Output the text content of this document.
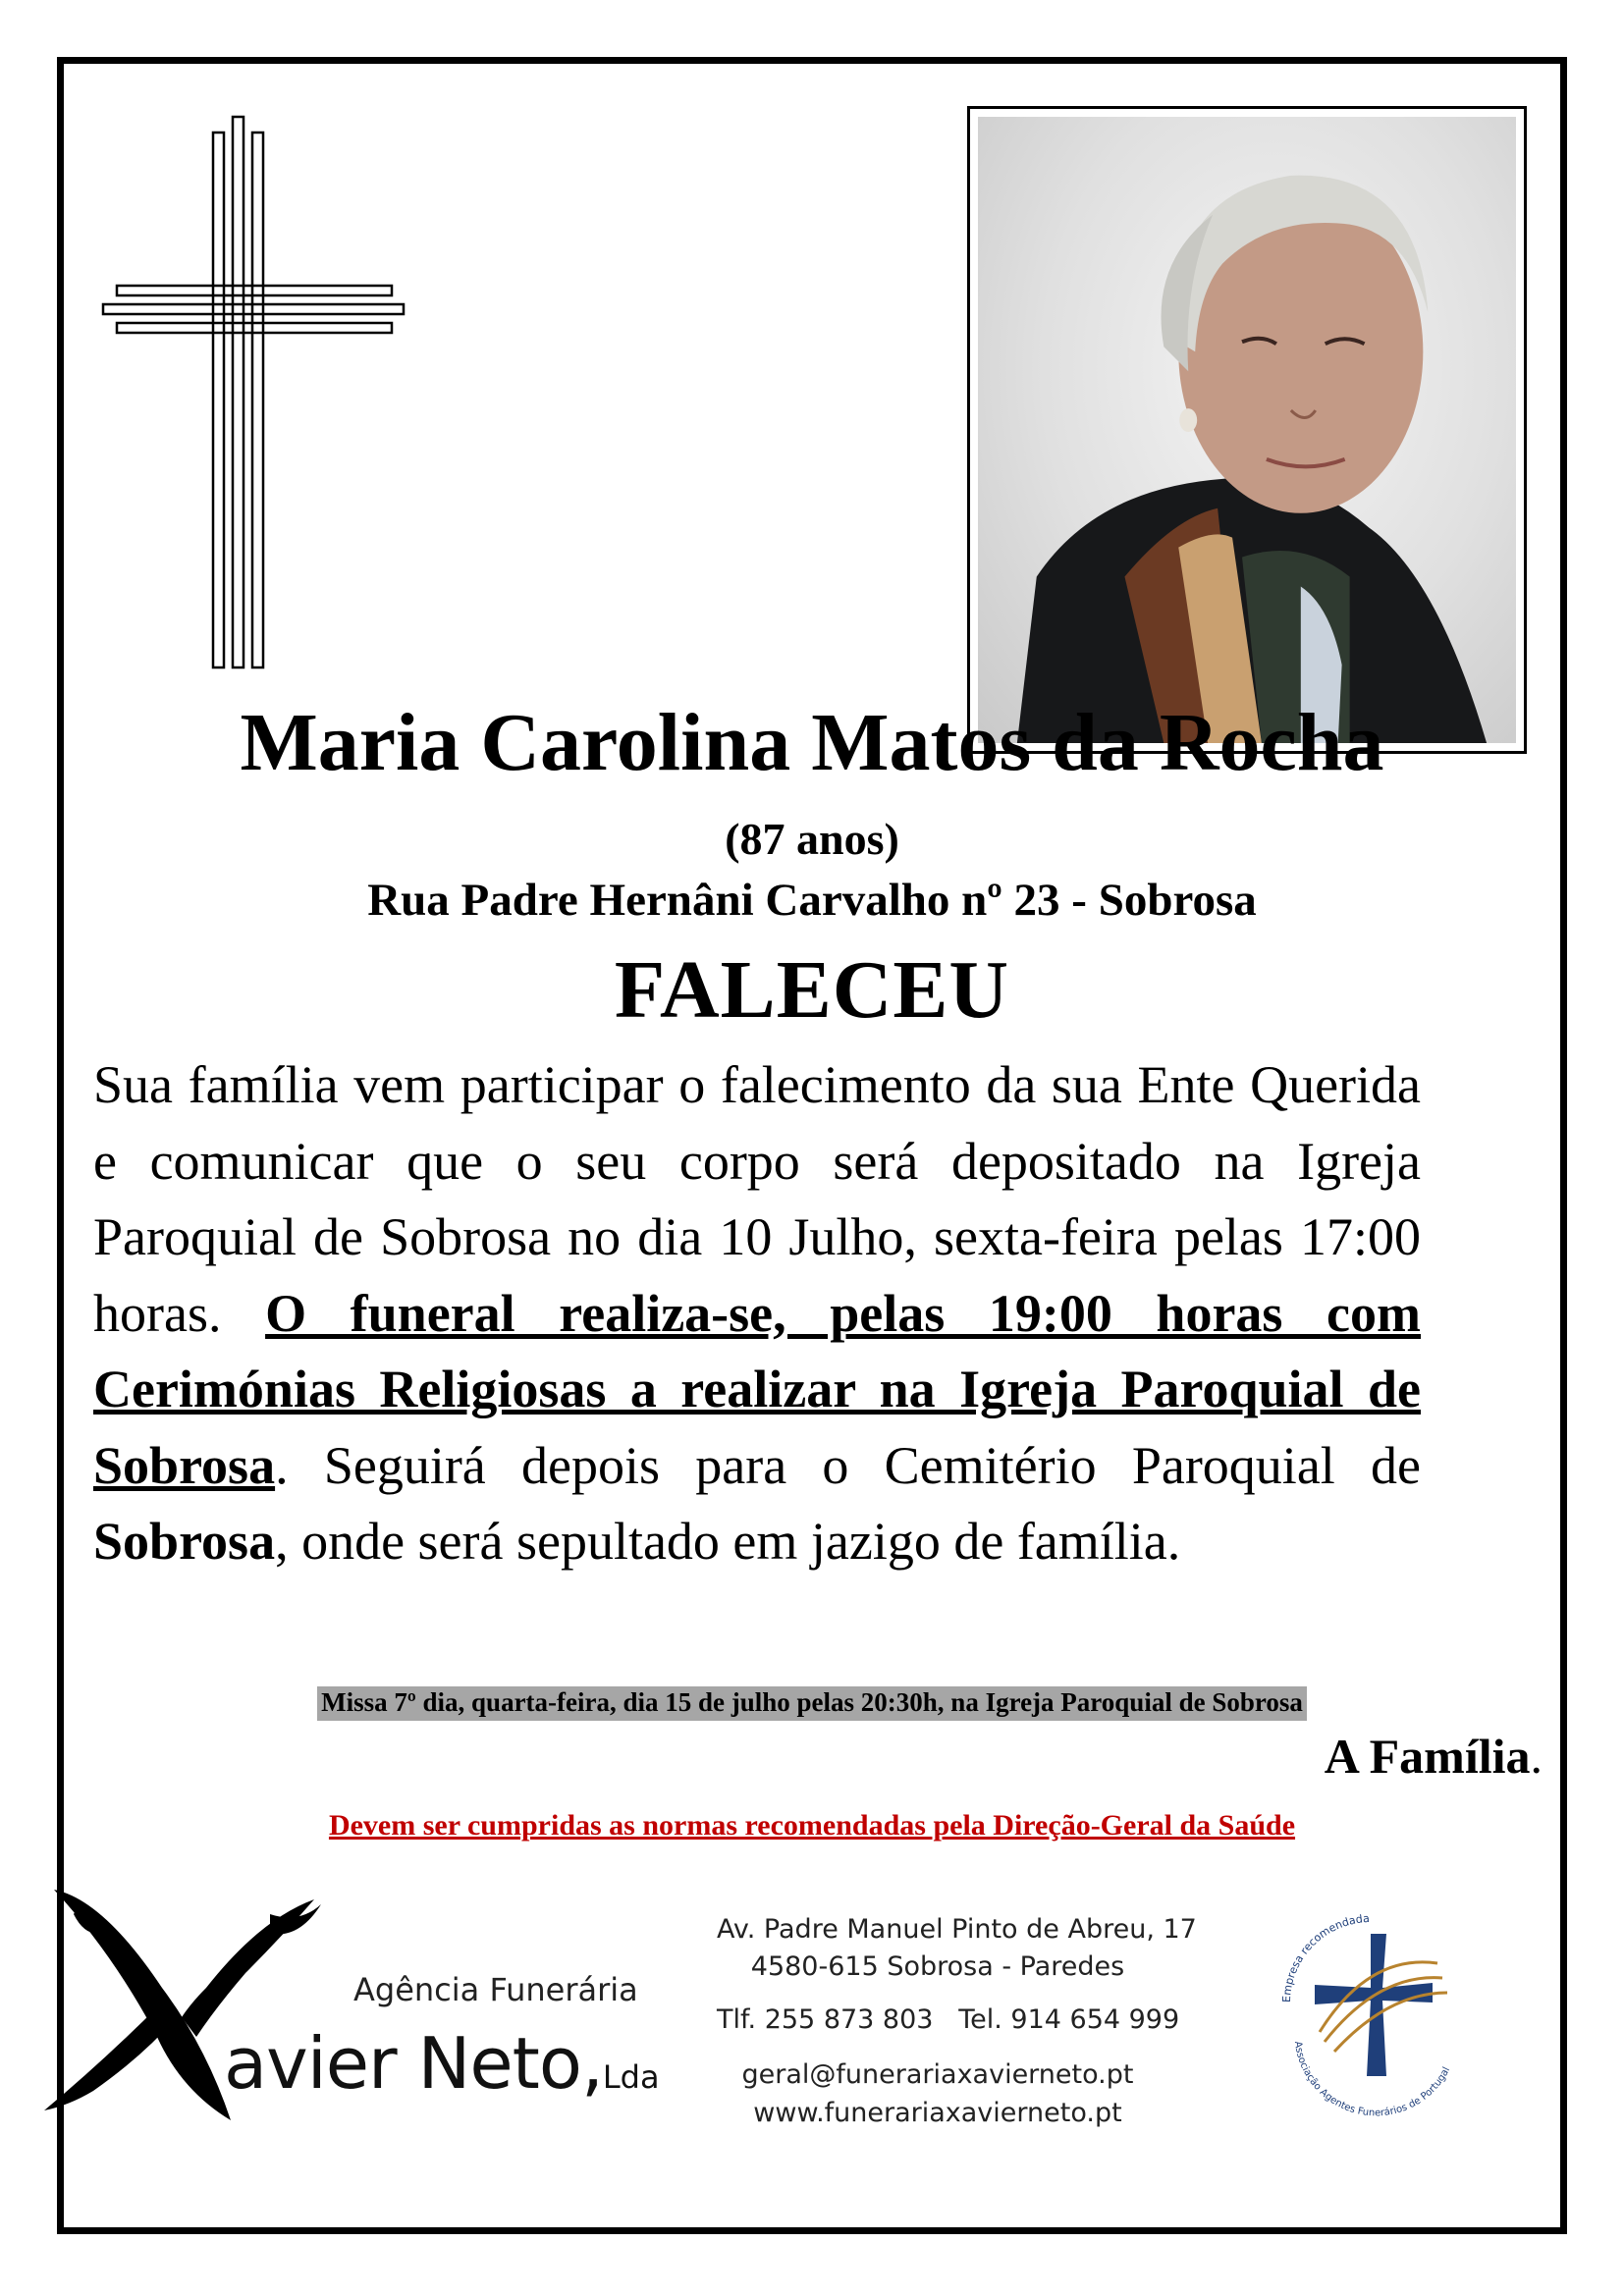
Maria Carolina Matos da Rocha
(87 anos)
Rua Padre Hernâni Carvalho nº 23 - Sobrosa
FALECEU
Sua família vem participar o falecimento da sua Ente Querida e comunicar que o seu corpo será depositado na Igreja Paroquial de Sobrosa no dia 10 Julho, sexta-feira pelas 17:00 horas. O funeral realiza-se, pelas 19:00 horas com Cerimónias Religiosas a realizar na Igreja Paroquial de Sobrosa. Seguirá depois para o Cemitério Paroquial de Sobrosa, onde será sepultado em jazigo de família.
Missa 7º dia, quarta-feira, dia 15 de julho pelas 20:30h, na Igreja Paroquial de Sobrosa
A Família.
Devem ser cumpridas as normas recomendadas pela Direção-Geral da Saúde
Agência Funerária
avier Neto,Lda
Av. Padre Manuel Pinto de Abreu, 17
4580-615 Sobrosa - Paredes
Tlf. 255 873 803   Tel. 914 654 999
geral@funerariaxavierneto.pt
www.funerariaxavierneto.pt
Empresa recomendada
Associação Agentes Funerários de Portugal
